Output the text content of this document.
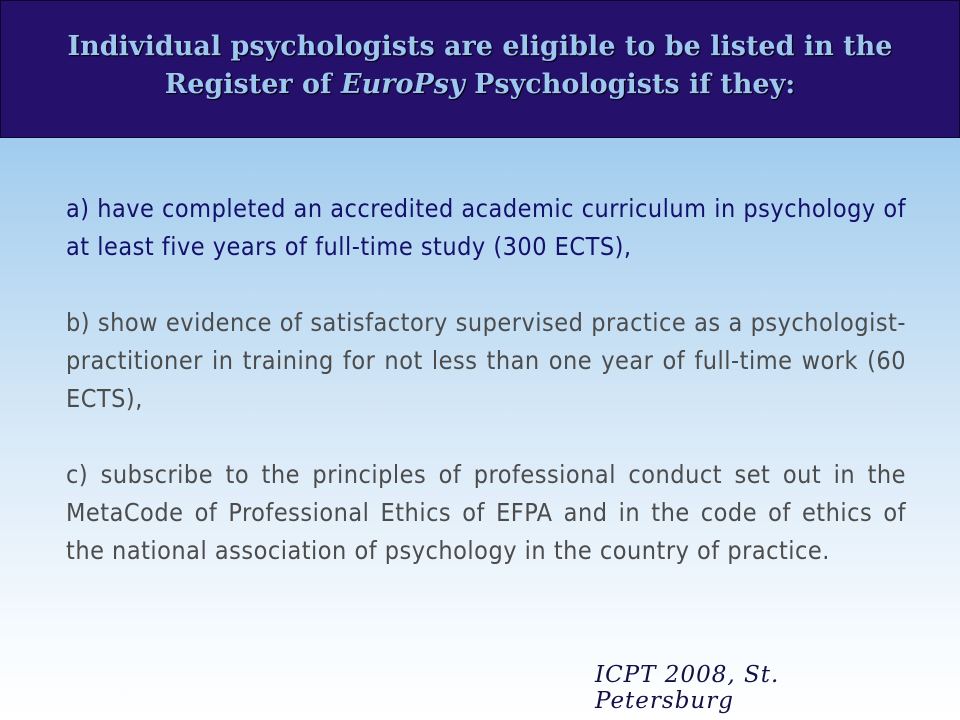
Individual psychologists are eligible to be listed in the Register of EuroPsy Psychologists if they:

a) have completed an accredited academic curriculum in psychology of at least five years of full-time study (300 ECTS),

b) show evidence of satisfactory supervised practice as a psychologist-practitioner in training for not less than one year of full-time work (60 ECTS),

c) subscribe to the principles of professional conduct set out in the MetaCode of Professional Ethics of EFPA and in the code of ethics of the national association of psychology in the country of practice.

ICPT 2008, St. Petersburg
